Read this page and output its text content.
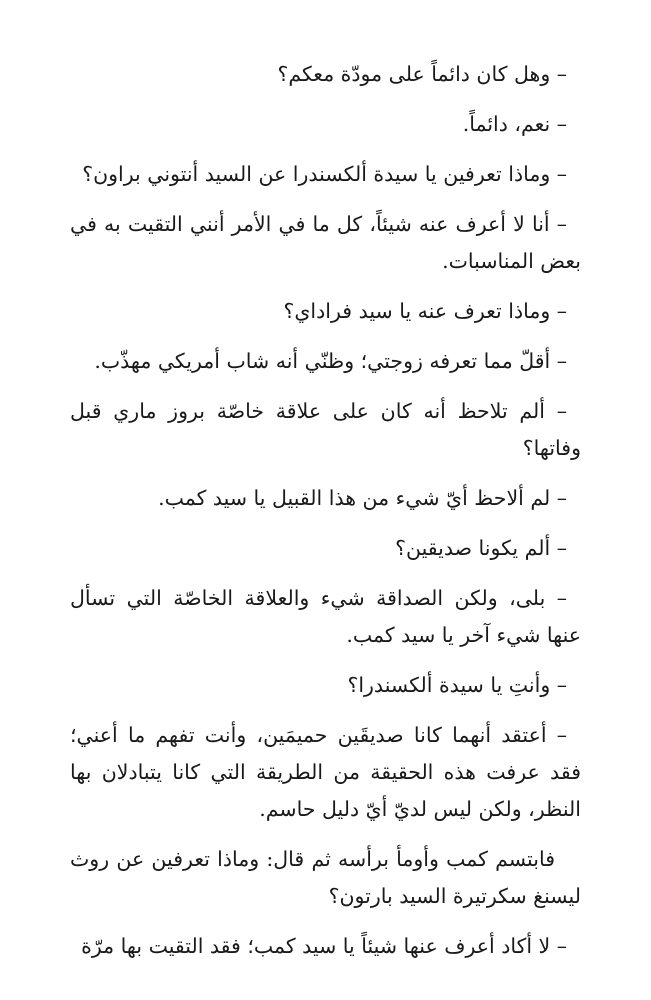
– وهل كان دائماً على مودّة معكم؟

– نعم، دائماً.

– وماذا تعرفين يا سيدة ألكسندرا عن السيد أنتوني براون؟

– أنا لا أعرف عنه شيئاً، كل ما في الأمر أنني التقيت به في بعض المناسبات.

– وماذا تعرف عنه يا سيد فراداي؟

– أقلّ مما تعرفه زوجتي؛ وظنّي أنه شاب أمريكي مهذّب.

– ألم تلاحظ أنه كان على علاقة خاصّة بروز ماري قبل وفاتها؟

– لم ألاحظ أيّ شيء من هذا القبيل يا سيد كمب.

– ألم يكونا صديقين؟

– بلى، ولكن الصداقة شيء والعلاقة الخاصّة التي تسأل عنها شيء آخر يا سيد كمب.

– وأنتِ يا سيدة ألكسندرا؟

– أعتقد أنهما كانا صديقَين حميمَين، وأنت تفهم ما أعني؛ فقد عرفت هذه الحقيقة من الطريقة التي كانا يتبادلان بها النظر، ولكن ليس لديّ أيّ دليل حاسم.

فابتسم كمب وأومأ برأسه ثم قال: وماذا تعرفين عن روث ليسنغ سكرتيرة السيد بارتون؟

– لا أكاد أعرف عنها شيئاً يا سيد كمب؛ فقد التقيت بها مرّة
